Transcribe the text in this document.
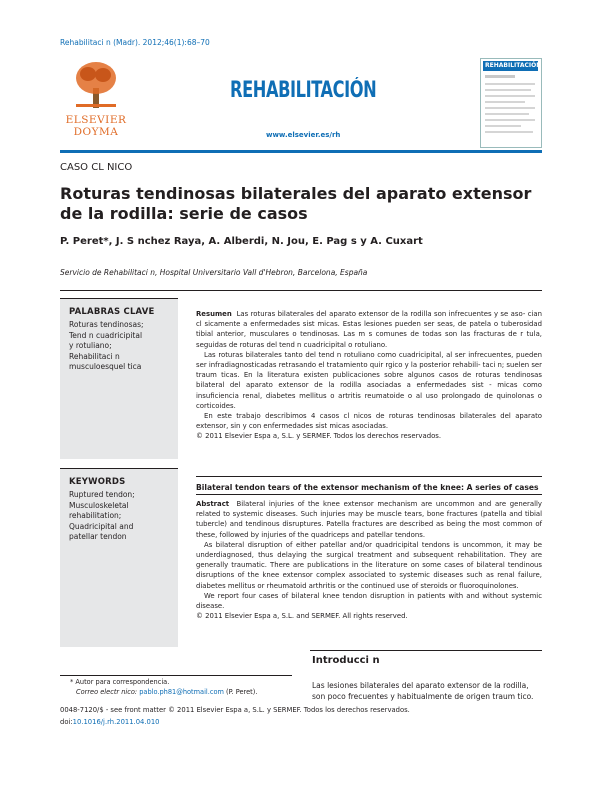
Rehabilitaci n (Madr). 2012;46(1):68–70
ELSEVIER
DOYMA
REHABILITACIÓN
www.elsevier.es/rh
REHABILITACIÓN
CASO CL NICO
Roturas tendinosas bilaterales del aparato extensor de la rodilla: serie de casos
P. Peret*, J. S nchez Raya, A. Alberdi, N. Jou, E. Pag s y A. Cuxart
Servicio de Rehabilitaci n, Hospital Universitario Vall d'Hebron, Barcelona, España
PALABRAS CLAVE
Roturas tendinosas;
Tend n cuadricipital
y rotuliano;
Rehabilitaci n
musculoesquel tica

Resumen Las roturas bilaterales del aparato extensor de la rodilla son infrecuentes y se aso- cian cl sicamente a enfermedades sist micas. Estas lesiones pueden ser seas, de patela o tuberosidad tibial anterior, musculares o tendinosas. Las m s comunes de todas son las fracturas de r tula, seguidas de roturas del tend n cuadricipital o rotuliano.

Las roturas bilaterales tanto del tend n rotuliano como cuadricipital, al ser infrecuentes, pueden ser infradiagnosticadas retrasando el tratamiento quir rgico y la posterior rehabili- taci n; suelen ser traum ticas. En la literatura existen publicaciones sobre algunos casos de roturas tendinosas bilateral del aparato extensor de la rodilla asociadas a enfermedades sist - micas como insuficiencia renal, diabetes mellitus o artritis reumatoide o al uso prolongado de quinolonas o corticoides.

En este trabajo describimos 4 casos cl nicos de roturas tendinosas bilaterales del aparato extensor, sin y con enfermedades sist micas asociadas.

© 2011 Elsevier Espa a, S.L. y SERMEF. Todos los derechos reservados.

KEYWORDS
Ruptured tendon;
Musculoskeletal
rehabilitation;
Quadricipital and
patellar tendon
Bilateral tendon tears of the extensor mechanism of the knee: A series of cases

Abstract Bilateral injuries of the knee extensor mechanism are uncommon and are generally related to systemic diseases. Such injuries may be muscle tears, bone fractures (patella and tibial tubercle) and tendinous disruptures. Patella fractures are described as being the most common of these, followed by injuries of the quadriceps and patellar tendons.

As bilateral disruption of either patellar and/or quadricipital tendons is uncommon, it may be underdiagnosed, thus delaying the surgical treatment and subsequent rehabilitation. They are generally traumatic. There are publications in the literature on some cases of bilateral tendinous disruptions of the knee extensor complex associated to systemic diseases such as renal failure, diabetes mellitus or rheumatoid arthritis or the continued use of steroids or fluoroquinolones.

We report four cases of bilateral knee tendon disruption in patients with and without systemic disease.

© 2011 Elsevier Espa a, S.L. and SERMEF. All rights reserved.

Introducci n
Las lesiones bilaterales del aparato extensor de la rodilla, son poco frecuentes y habitualmente de origen traum tico.
* Autor para correspondencia.
Correo electr nico: pablo.ph81@hotmail.com (P. Peret).
0048-7120/$ - see front matter © 2011 Elsevier Espa a, S.L. y SERMEF. Todos los derechos reservados.
doi:10.1016/j.rh.2011.04.010
